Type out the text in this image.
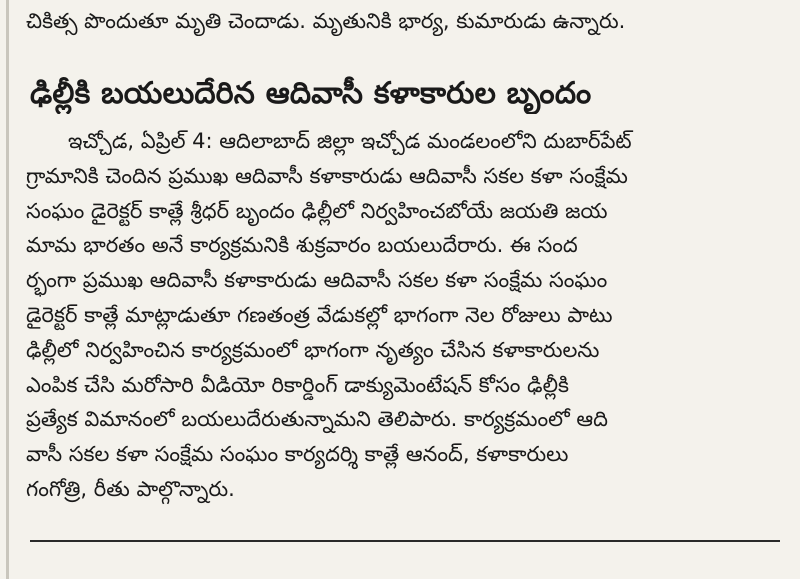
చికిత్స పొందుతూ మృతి చెందాడు. మృతునికి భార్య, కుమారుడు ఉన్నారు.
ఢిల్లీకి బయలుదేరిన ఆదివాసీ కళాకారుల బృందం
ఇచ్చోడ, ఏప్రిల్ 4: ఆదిలాబాద్ జిల్లా ఇచ్చోడ మండలంలోని దుబార్‌పేట్
గ్రామానికి చెందిన ప్రముఖ ఆదివాసీ కళాకారుడు ఆదివాసీ సకల కళా సంక్షేమ
సంఘం డైరెక్టర్ కాత్లే శ్రీధర్ బృందం ఢిల్లీలో నిర్వహించబోయే జయతి జయ
మామ భారతం అనే కార్యక్రమనికి శుక్రవారం బయలుదేరారు. ఈ సంద
ర్భంగా ప్రముఖ ఆదివాసీ కళాకారుడు ఆదివాసీ సకల కళా సంక్షేమ సంఘం
డైరెక్టర్ కాత్లే మాట్లాడుతూ గణతంత్ర వేడుకల్లో భాగంగా నెల రోజులు పాటు
ఢిల్లీలో నిర్వహించిన కార్యక్రమంలో భాగంగా నృత్యం చేసిన కళాకారులను
ఎంపిక చేసి మరోసారి వీడియో రికార్డింగ్ డాక్యుమెంటేషన్ కోసం ఢిల్లీకి
ప్రత్యేక విమానంలో బయలుదేరుతున్నామని తెలిపారు. కార్యక్రమంలో ఆది
వాసీ సకల కళా సంక్షేమ సంఘం కార్యదర్శి కాత్లే ఆనంద్, కళాకారులు
గంగోత్రి, రీతు పాల్గొన్నారు.
